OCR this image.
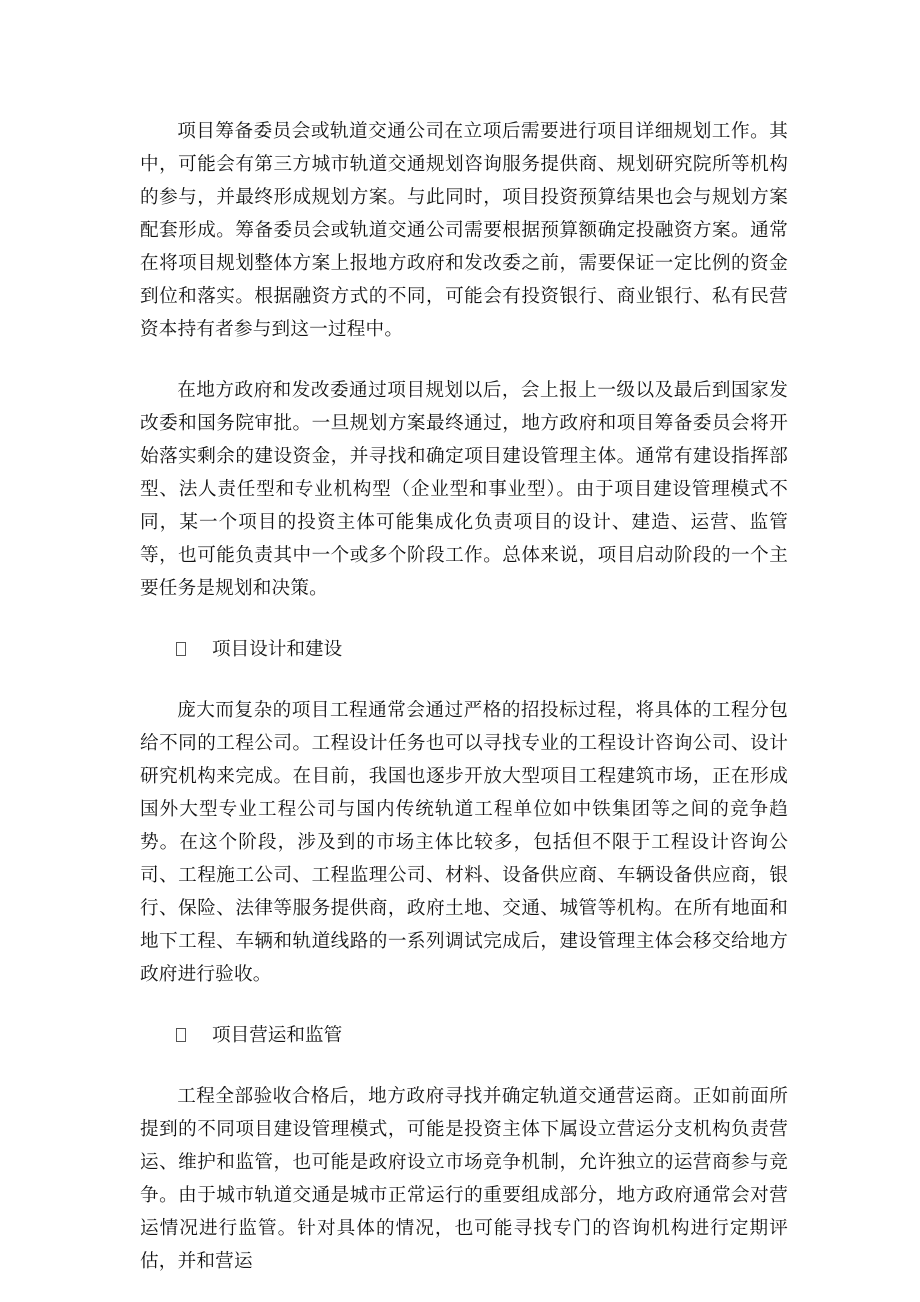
项目筹备委员会或轨道交通公司在立项后需要进行项目详细规划工作。其中，可能会有第三方城市轨道交通规划咨询服务提供商、规划研究院所等机构的参与，并最终形成规划方案。与此同时，项目投资预算结果也会与规划方案配套形成。筹备委员会或轨道交通公司需要根据预算额确定投融资方案。通常在将项目规划整体方案上报地方政府和发改委之前，需要保证一定比例的资金到位和落实。根据融资方式的不同，可能会有投资银行、商业银行、私有民营资本持有者参与到这一过程中。

在地方政府和发改委通过项目规划以后，会上报上一级以及最后到国家发改委和国务院审批。一旦规划方案最终通过，地方政府和项目筹备委员会将开始落实剩余的建设资金，并寻找和确定项目建设管理主体。通常有建设指挥部型、法人责任型和专业机构型（企业型和事业型）。由于项目建设管理模式不同，某一个项目的投资主体可能集成化负责项目的设计、建造、运营、监管等，也可能负责其中一个或多个阶段工作。总体来说，项目启动阶段的一个主要任务是规划和决策。

项目设计和建设

庞大而复杂的项目工程通常会通过严格的招投标过程，将具体的工程分包给不同的工程公司。工程设计任务也可以寻找专业的工程设计咨询公司、设计研究机构来完成。在目前，我国也逐步开放大型项目工程建筑市场，正在形成国外大型专业工程公司与国内传统轨道工程单位如中铁集团等之间的竞争趋势。在这个阶段，涉及到的市场主体比较多，包括但不限于工程设计咨询公司、工程施工公司、工程监理公司、材料、设备供应商、车辆设备供应商，银行、保险、法律等服务提供商，政府土地、交通、城管等机构。在所有地面和地下工程、车辆和轨道线路的一系列调试完成后，建设管理主体会移交给地方政府进行验收。

项目营运和监管

工程全部验收合格后，地方政府寻找并确定轨道交通营运商。正如前面所提到的不同项目建设管理模式，可能是投资主体下属设立营运分支机构负责营运、维护和监管，也可能是政府设立市场竞争机制，允许独立的运营商参与竞争。由于城市轨道交通是城市正常运行的重要组成部分，地方政府通常会对营运情况进行监管。针对具体的情况，也可能寻找专门的咨询机构进行定期评估，并和营运
